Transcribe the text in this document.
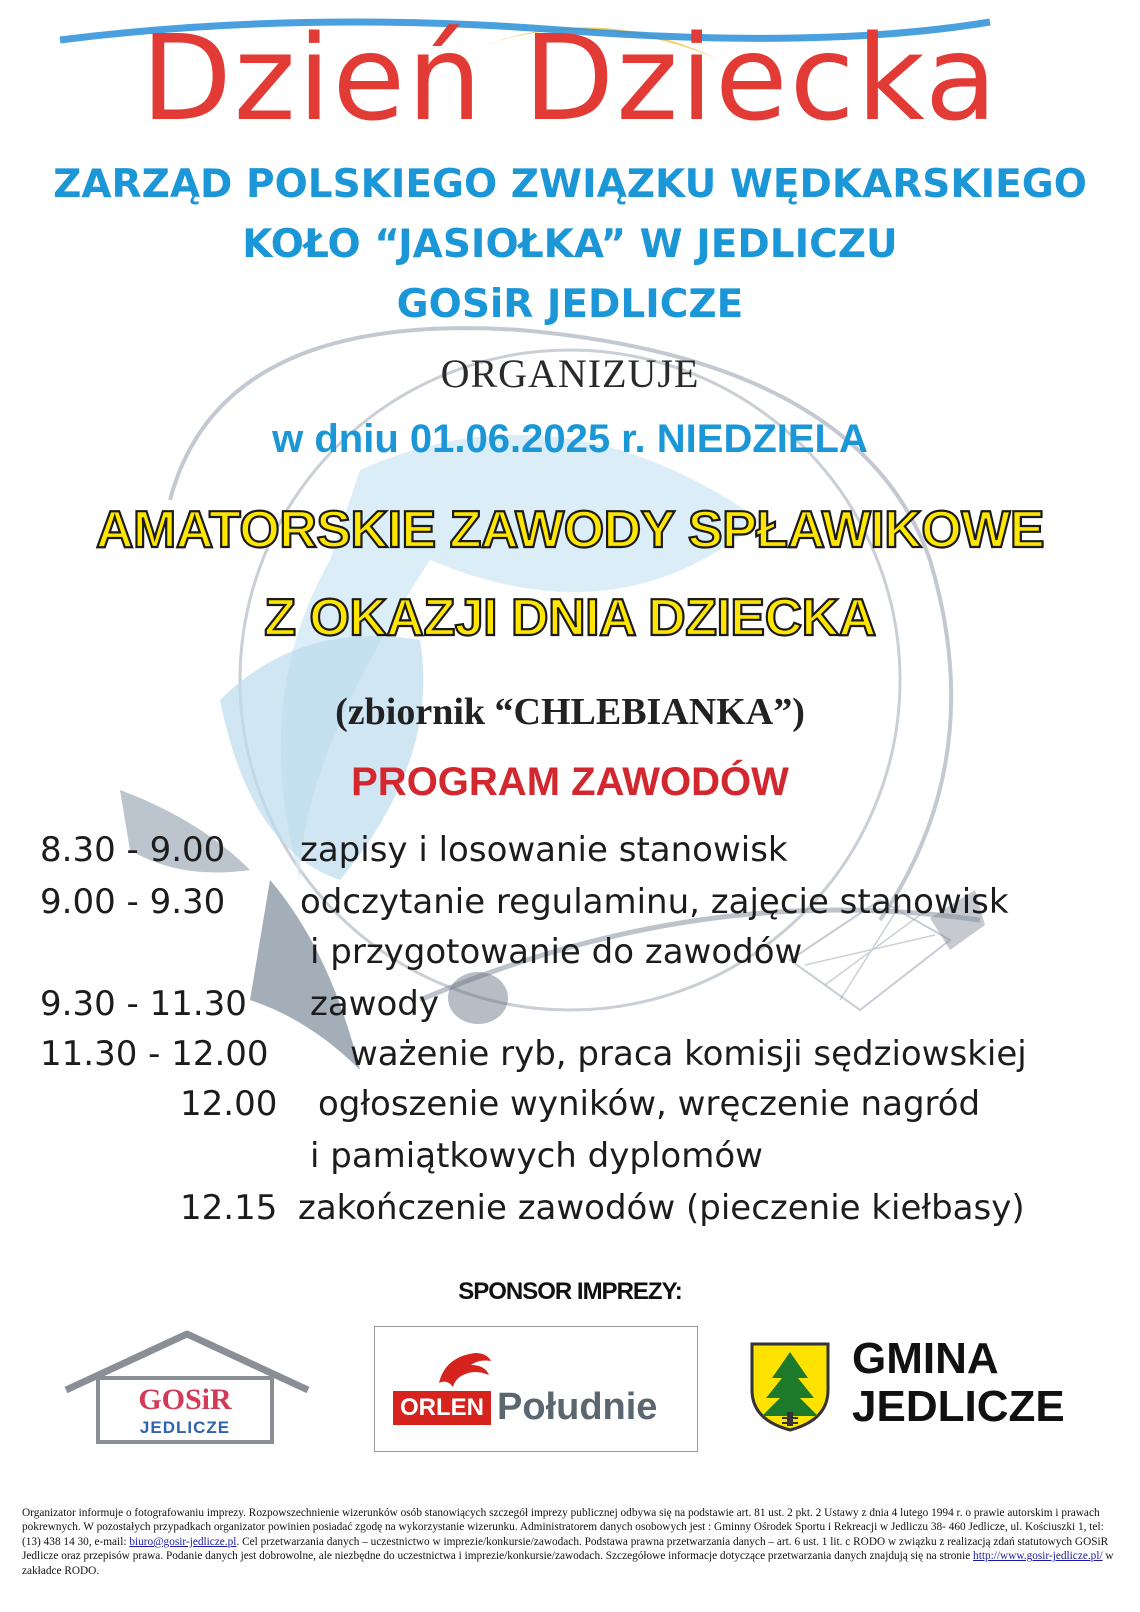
Dzień Dziecka
ZARZĄD POLSKIEGO ZWIĄZKU WĘDKARSKIEGO
KOŁO “JASIOŁKA” W JEDLICZU
GOSiR JEDLICZE
ORGANIZUJE
w dniu 01.06.2025 r. NIEDZIELA
AMATORSKIE ZAWODY SPŁAWIKOWE
Z OKAZJI DNIA DZIECKA
(zbiornik “CHLEBIANKA”)
PROGRAM ZAWODÓW
8.30 - 9.00 zapisy i losowanie stanowisk
9.00 - 9.30 odczytanie regulaminu, zajęcie stanowisk
i przygotowanie do zawodów
9.30 - 11.30 zawody
11.30 - 12.00 ważenie ryb, praca komisji sędziowskiej
12.00 ogłoszenie wyników, wręczenie nagród
i pamiątkowych dyplomów
12.15 zakończenie zawodów (pieczenie kiełbasy)
SPONSOR IMPREZY:
GOSiR
JEDLICZE
ORLEN Południe
GMINA
JEDLICZE
Organizator informuje o fotografowaniu imprezy. Rozpowszechnienie wizerunków osób stanowiących szczegół imprezy publicznej odbywa się na podstawie art. 81 ust. 2 pkt. 2 Ustawy z dnia 4 lutego 1994 r. o prawie autorskim i prawach pokrewnych. W pozostałych przypadkach organizator powinien posiadać zgodę na wykorzystanie wizerunku. Administratorem danych osobowych jest : Gminny Ośrodek Sportu i Rekreacji w Jedliczu 38- 460 Jedlicze, ul. Kościuszki 1, tel: (13) 438 14 30, e-mail: biuro@gosir-jedlicze.pl. Cel przetwarzania danych – uczestnictwo w imprezie/konkursie/zawodach. Podstawa prawna przetwarzania danych – art. 6 ust. 1 lit. c RODO w związku z realizacją zdań statutowych GOSiR Jedlicze oraz przepisów prawa. Podanie danych jest dobrowolne, ale niezbędne do uczestnictwa i imprezie/konkursie/zawodach. Szczegółowe informacje dotyczące przetwarzania danych znajdują się na stronie http://www.gosir-jedlicze.pl/ w zakładce RODO.
